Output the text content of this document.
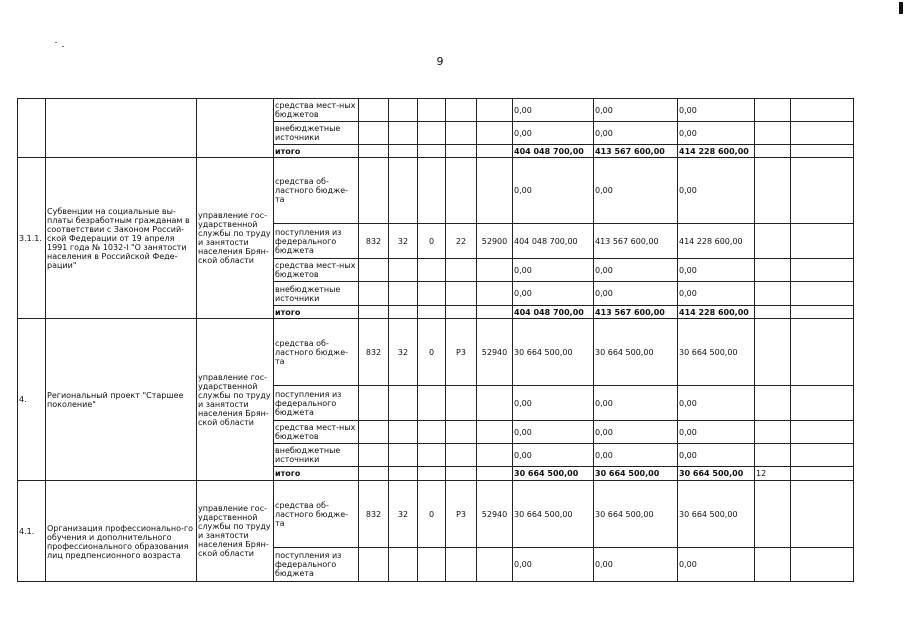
9
			средства мест-ных бюджетов						0,00	0,00	0,00		
			внебюджетные источники						0,00	0,00	0,00		
			итого						404 048 700,00	413 567 600,00	414 228 600,00		
3.1.1.	Субвенции на социальные вы-платы безработным гражданам в соответствии с Законом Россий-ской Федерации от 19 апреля 1991 года № 1032-I "О занятости населения в Российской Феде-рации"	управление гос-ударственной службы по труду и занятости населения Брян-ской области	средства об-ластного бюдже-та						0,00	0,00	0,00		
			поступления из федерального бюджета	832	32	0	22	52900	404 048 700,00	413 567 600,00	414 228 600,00		
			средства мест-ных бюджетов						0,00	0,00	0,00		
			внебюджетные источники						0,00	0,00	0,00		
			итого						404 048 700,00	413 567 600,00	414 228 600,00		
4.	Региональный проект "Старшее поколение"	управление гос-ударственной службы по труду и занятости населения Брян-ской области	средства об-ластного бюдже-та	832	32	0	P3	52940	30 664 500,00	30 664 500,00	30 664 500,00		
			поступления из федерального бюджета						0,00	0,00	0,00		
			средства мест-ных бюджетов						0,00	0,00	0,00		
			внебюджетные источники						0,00	0,00	0,00		
			итого						30 664 500,00	30 664 500,00	30 664 500,00	12	
4.1.	Организация профессионально-го обучения и дополнительного профессионального образования лиц предпенсионного возраста	управление гос-ударственной службы по труду и занятости населения Брян-ской области	средства об-ластного бюдже-та	832	32	0	P3	52940	30 664 500,00	30 664 500,00	30 664 500,00		
			поступления из федерального бюджета						0,00	0,00	0,00		
